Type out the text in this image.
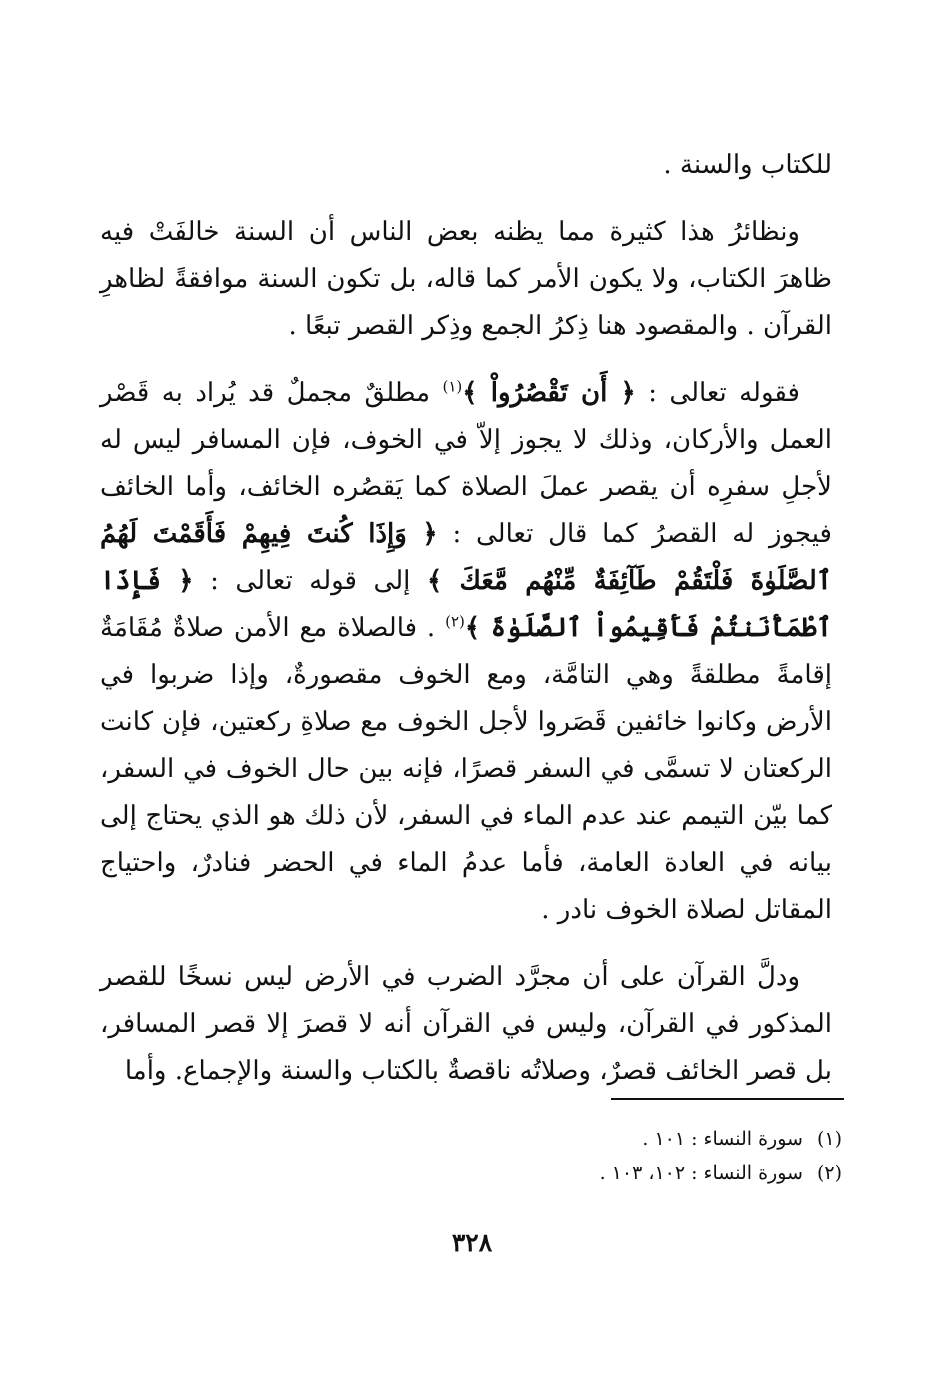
للكتاب والسنة .

ونظائرُ هذا كثيرة مما يظنه بعض الناس أن السنة خالفَتْ فيه ظاهرَ الكتاب، ولا يكون الأمر كما قاله، بل تكون السنة موافقةً لظاهرِ القرآن . والمقصود هنا ذِكرُ الجمع وذِكر القصر تبعًا .

فقوله تعالى : ﴿ أَن تَقْصُرُواْ ﴾$^{(١)}$ مطلقٌ مجملٌ قد يُراد به قَصْر العمل والأركان، وذلك لا يجوز إلاّ في الخوف، فإن المسافر ليس له لأجلِ سفرِه أن يقصر عملَ الصلاة كما يَقصُره الخائف، وأما الخائف فيجوز له القصرُ كما قال تعالى : ﴿ وَإِذَا كُنتَ فِيهِمْ فَأَقَمْتَ لَهُمُ ٱلصَّلَوٰةَ فَلْتَقُمْ طَآئِفَةٌ مِّنْهُم مَّعَكَ ﴾ إلى قوله تعالى : ﴿ فَإِذَا ٱطْمَأْنَنتُمْ فَأَقِيمُواْ ٱلصَّلَوٰةَ ﴾$^{(٢)}$ . فالصلاة مع الأمن صلاةٌ مُقَامَةٌ إقامةً مطلقةً وهي التامَّة، ومع الخوف مقصورةٌ، وإذا ضربوا في الأرض وكانوا خائفين قَصَروا لأجل الخوف مع صلاةِ ركعتين، فإن كانت الركعتان لا تسمَّى في السفر قصرًا، فإنه بين حال الخوف في السفر، كما بيّن التيمم عند عدم الماء في السفر، لأن ذلك هو الذي يحتاج إلى بيانه في العادة العامة، فأما عدمُ الماء في الحضر فنادرٌ، واحتياج المقاتل لصلاة الخوف نادر .

ودلَّ القرآن على أن مجرَّد الضرب في الأرض ليس نسخًا للقصر المذكور في القرآن، وليس في القرآن أنه لا قصرَ إلا قصر المسافر، بل قصر الخائف قصرٌ، وصلاتُه ناقصةٌ بالكتاب والسنة والإجماع. وأما

(١)سورة النساء : ١٠١ .
(٢)سورة النساء : ١٠٢، ١٠٣ .
٣٢٨
